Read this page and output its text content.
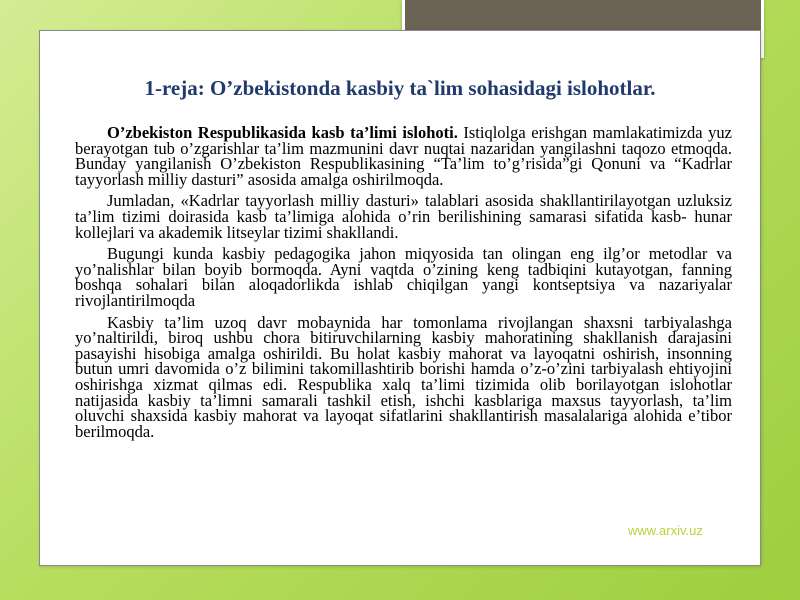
1-reja: O’zbekistonda kasbiy ta`lim sohasidagi islohotlar.

O’zbekiston Respublikasida kasb ta’limi islohoti. Istiqlolga erishgan mamlakatimizda yuz berayotgan tub o’zgarishlar ta’lim mazmunini davr nuqtai nazaridan yangilashni taqozo etmoqda. Bunday yangilanish O’zbekiston Respublikasining “Ta’lim to’g’risida”gi Qonuni va “Kadrlar tayyorlash milliy dasturi” asosida amalga oshirilmoqda.

Jumladan, «Kadrlar tayyorlash milliy dasturi» talablari asosida shakllantirilayotgan uzluksiz ta’lim tizimi doirasida kasb ta’limiga alohida o’rin berilishining samarasi sifatida kasb- hunar kollejlari va akademik litseylar tizimi shakllandi.

Bugungi kunda kasbiy pedagogika jahon miqyosida tan olingan eng ilg’or metodlar va yo’nalishlar bilan boyib bormoqda. Ayni vaqtda o’zining keng tadbiqini kutayotgan, fanning boshqa sohalari bilan aloqadorlikda ishlab chiqilgan yangi kontseptsiya va nazariyalar rivojlantirilmoqda

Kasbiy ta’lim uzoq davr mobaynida har tomonlama rivojlangan shaxsni tarbiyalashga yo’naltirildi, biroq ushbu chora bitiruvchilarning kasbiy mahoratining shakllanish darajasini pasayishi hisobiga amalga oshirildi. Bu holat kasbiy mahorat va layoqatni oshirish, insonning butun umri davomida o’z bilimini takomillashtirib borishi hamda o’z-o’zini tarbiyalash ehtiyojini oshirishga xizmat qilmas edi. Respublika xalq ta’limi tizimida olib borilayotgan islohotlar natijasida kasbiy ta’limni samarali tashkil etish, ishchi kasblariga maxsus tayyorlash, ta’lim oluvchi shaxsida kasbiy mahorat va layoqat sifatlarini shakllantirish masalalariga alohida e’tibor berilmoqda.

www.arxiv.uz
